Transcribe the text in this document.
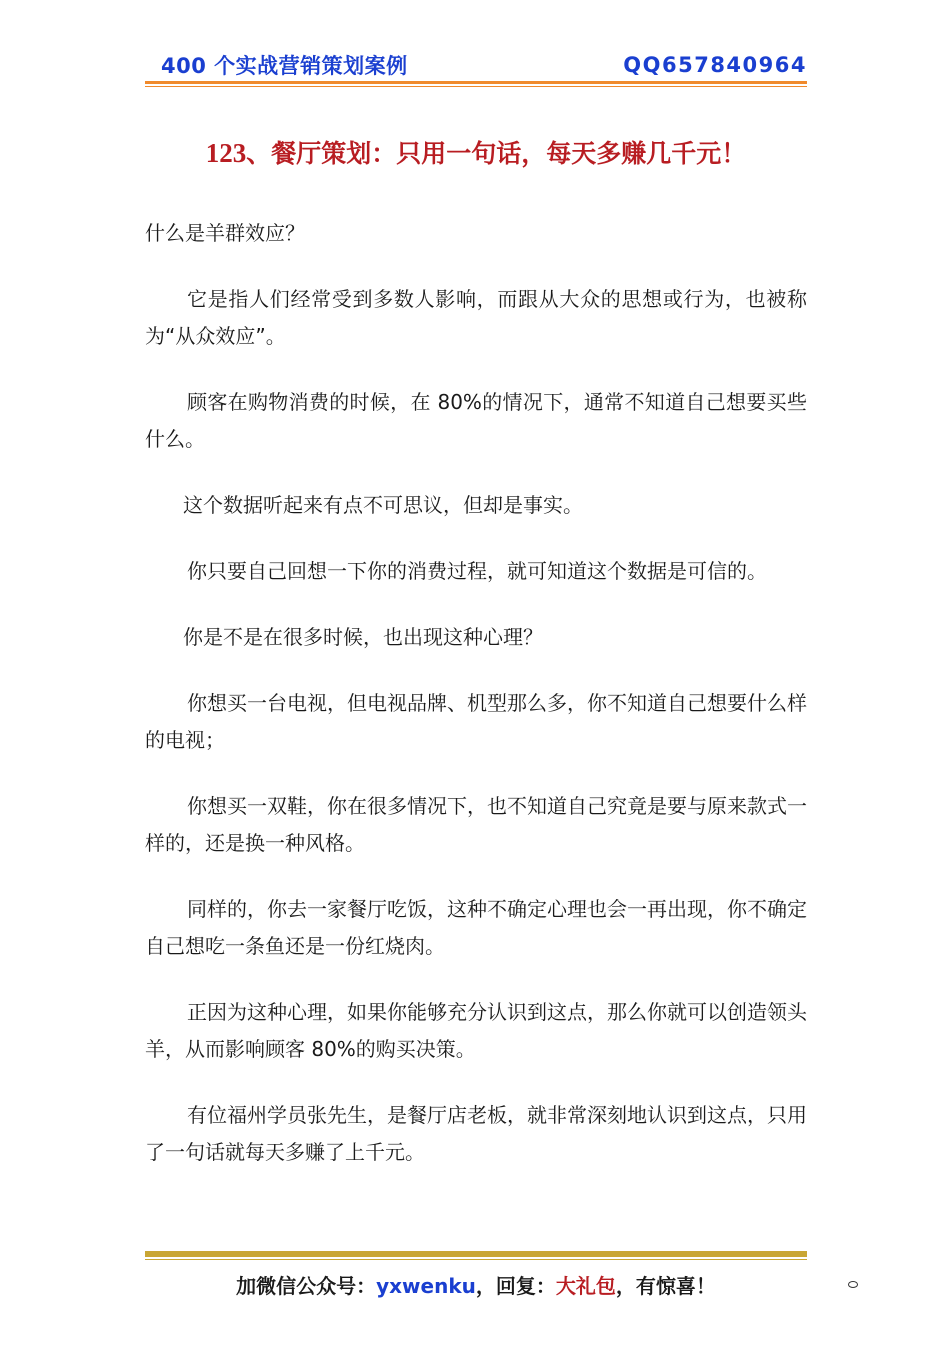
400 个实战营销策划案例	QQ657840964
123、餐厅策划：只用一句话，每天多赚几千元！

什么是羊群效应？

它是指人们经常受到多数人影响，而跟从大众的思想或行为，也被称为“从众效应”。

顾客在购物消费的时候，在 80%的情况下，通常不知道自己想要买些什么。

这个数据听起来有点不可思议，但却是事实。

你只要自己回想一下你的消费过程，就可知道这个数据是可信的。

你是不是在很多时候，也出现这种心理？

你想买一台电视，但电视品牌、机型那么多，你不知道自己想要什么样的电视；

你想买一双鞋，你在很多情况下，也不知道自己究竟是要与原来款式一样的，还是换一种风格。

同样的，你去一家餐厅吃饭，这种不确定心理也会一再出现，你不确定自己想吃一条鱼还是一份红烧肉。

正因为这种心理，如果你能够充分认识到这点，那么你就可以创造领头羊，从而影响顾客 80%的购买决策。

有位福州学员张先生，是餐厅店老板，就非常深刻地认识到这点，只用了一句话就每天多赚了上千元。

加微信公众号：yxwenku，回复：大礼包，有惊喜！
